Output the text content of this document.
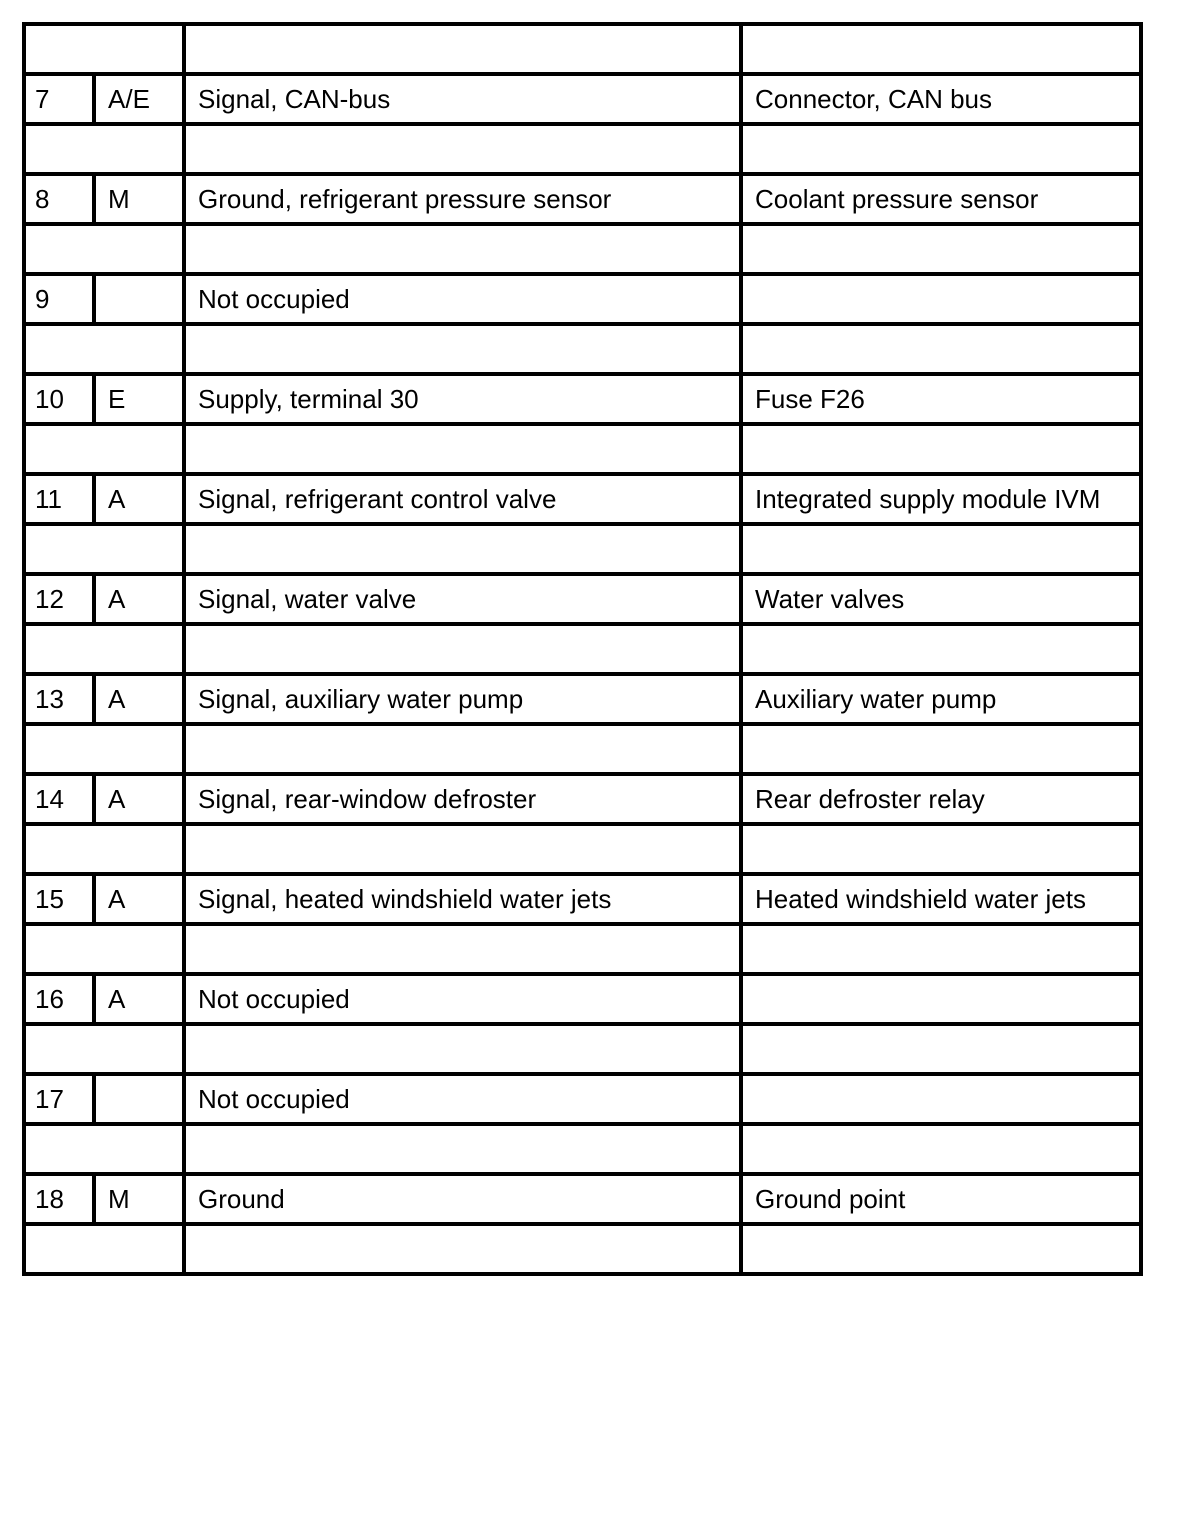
7	A/E	Signal, CAN-bus	Connector, CAN bus

8	M	Ground, refrigerant pressure sensor	Coolant pressure sensor

9		Not occupied	

10	E	Supply, terminal 30	Fuse F26

11	A	Signal, refrigerant control valve	Integrated supply module IVM

12	A	Signal, water valve	Water valves

13	A	Signal, auxiliary water pump	Auxiliary water pump

14	A	Signal, rear-window defroster	Rear defroster relay

15	A	Signal, heated windshield water jets	Heated windshield water jets

16	A	Not occupied	

17		Not occupied	

18	M	Ground	Ground point
